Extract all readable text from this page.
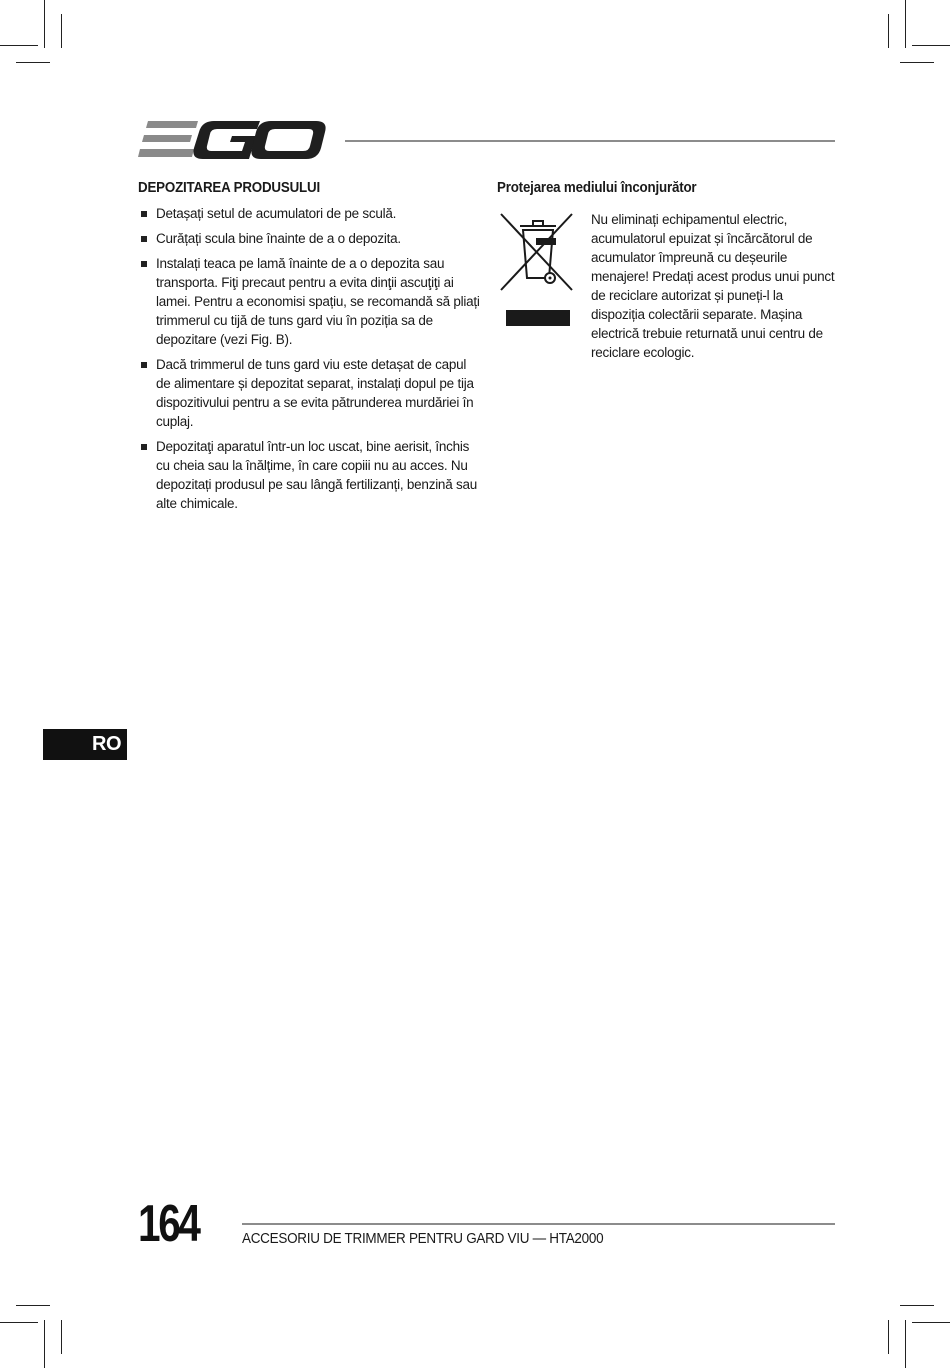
DEPOZITAREA PRODUSULUI
Detașați setul de acumulatori de pe sculă.
Curățați scula bine înainte de a o depozita.
Instalați teaca pe lamă înainte de a o depozita sau transporta. Fiţi precaut pentru a evita dinţii ascuţiţi ai lamei. Pentru a economisi spațiu, se recomandă să pliați trimmerul cu tijă de tuns gard viu în poziția sa de depozitare (vezi Fig. B).
Dacă trimmerul de tuns gard viu este detașat de capul de alimentare și depozitat separat, instalați dopul pe tija dispozitivului pentru a se evita pătrunderea murdăriei în cuplaj.
Depozitaţi aparatul într-un loc uscat, bine aerisit, închis cu cheia sau la înălțime, în care copiii nu au acces. Nu depozitați produsul pe sau lângă fertilizanți, benzină sau alte chimicale.
Protejarea mediului înconjurător
Nu eliminați echipamentul electric, acumulatorul epuizat și încărcătorul de acumulator împreună cu deșeurile menajere! Predați acest produs unui punct de reciclare autorizat și puneți-l la dispoziția colectării separate. Mașina electrică trebuie returnată unui centru de reciclare ecologic.
RO
164	ACCESORIU DE TRIMMER PENTRU GARD VIU — HTA2000
